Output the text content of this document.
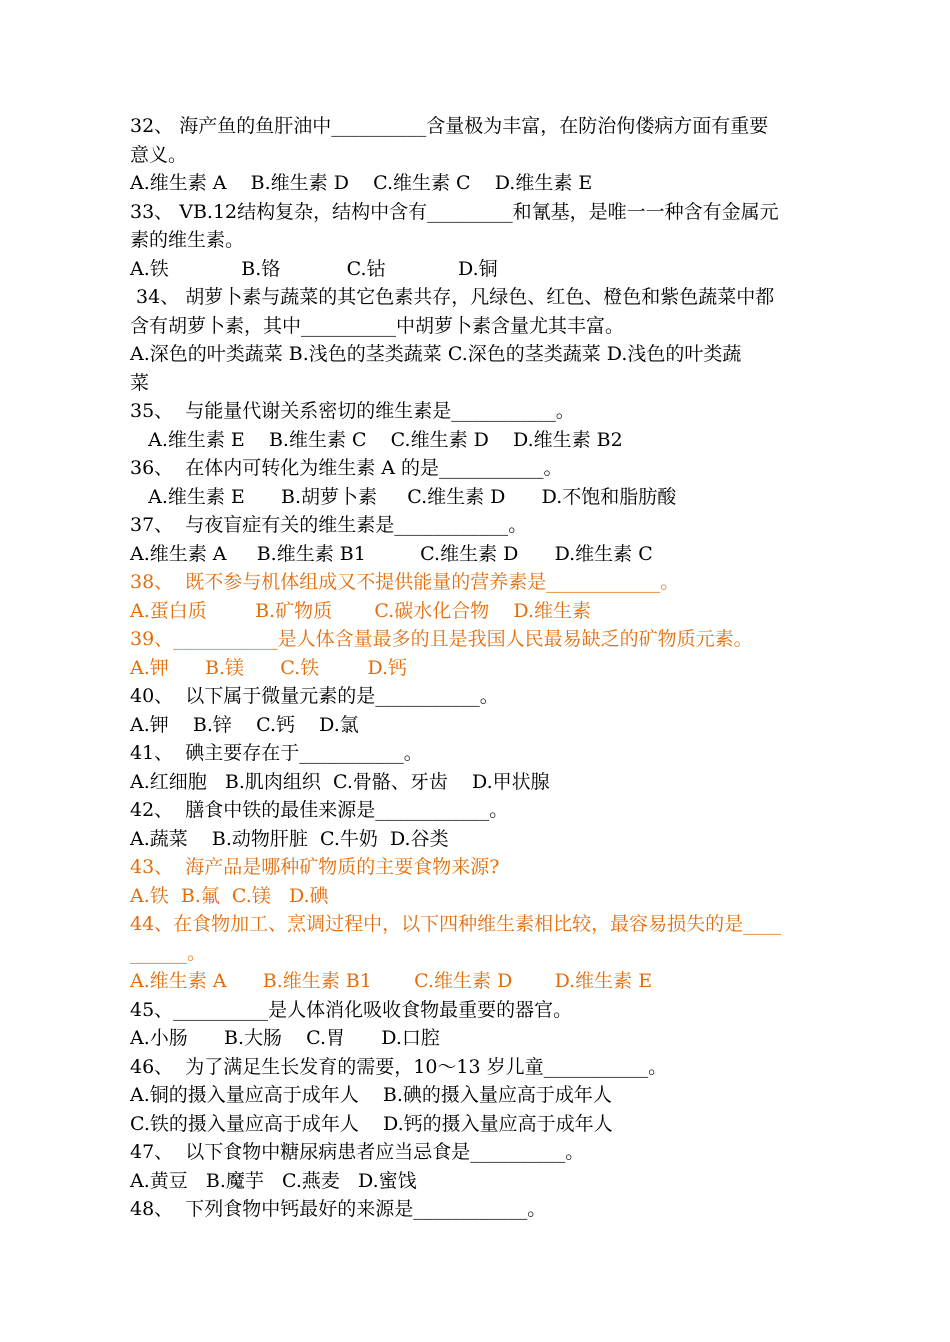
32、 海产鱼的鱼肝油中__________含量极为丰富，在防治佝偻病方面有重要
意义。
A.维生素 A    B.维生素 D    C.维生素 C    D.维生素 E
33、 VB.12结构复杂，结构中含有_________和氰基，是唯一一种含有金属元
素的维生素。
A.铁            B.铬           C.钴            D.铜
34、 胡萝卜素与蔬菜的其它色素共存，凡绿色、红色、橙色和紫色蔬菜中都
含有胡萝卜素，其中__________中胡萝卜素含量尤其丰富。
A.深色的叶类蔬菜 B.浅色的茎类蔬菜 C.深色的茎类蔬菜 D.浅色的叶类蔬
菜
35、  与能量代谢关系密切的维生素是___________。
A.维生素 E    B.维生素 C    C.维生素 D    D.维生素 B2
36、  在体内可转化为维生素 A 的是___________。
A.维生素 E      B.胡萝卜素     C.维生素 D      D.不饱和脂肪酸
37、  与夜盲症有关的维生素是____________。
A.维生素 A     B.维生素 B1         C.维生素 D      D.维生素 C
38、  既不参与机体组成又不提供能量的营养素是____________。
A.蛋白质        B.矿物质       C.碳水化合物    D.维生素
39、___________是人体含量最多的且是我国人民最易缺乏的矿物质元素。
A.钾      B.镁      C.铁        D.钙
40、  以下属于微量元素的是___________。
A.钾    B.锌    C.钙    D.氯
41、  碘主要存在于___________。
A.红细胞   B.肌肉组织  C.骨骼、牙齿    D.甲状腺
42、  膳食中铁的最佳来源是____________。
A.蔬菜    B.动物肝脏  C.牛奶  D.谷类
43、  海产品是哪种矿物质的主要食物来源?
A.铁  B.氟  C.镁   D.碘
44、在食物加工、烹调过程中，以下四种维生素相比较，最容易损失的是____
______。
A.维生素 A      B.维生素 B1       C.维生素 D       D.维生素 E
45、__________是人体消化吸收食物最重要的器官。
A.小肠      B.大肠    C.胃      D.口腔
46、  为了满足生长发育的需要，10～13 岁儿童___________。
A.铜的摄入量应高于成年人    B.碘的摄入量应高于成年人
C.铁的摄入量应高于成年人    D.钙的摄入量应高于成年人
47、  以下食物中糖尿病患者应当忌食是__________。
A.黄豆   B.魔芋   C.燕麦   D.蜜饯
48、  下列食物中钙最好的来源是____________。
